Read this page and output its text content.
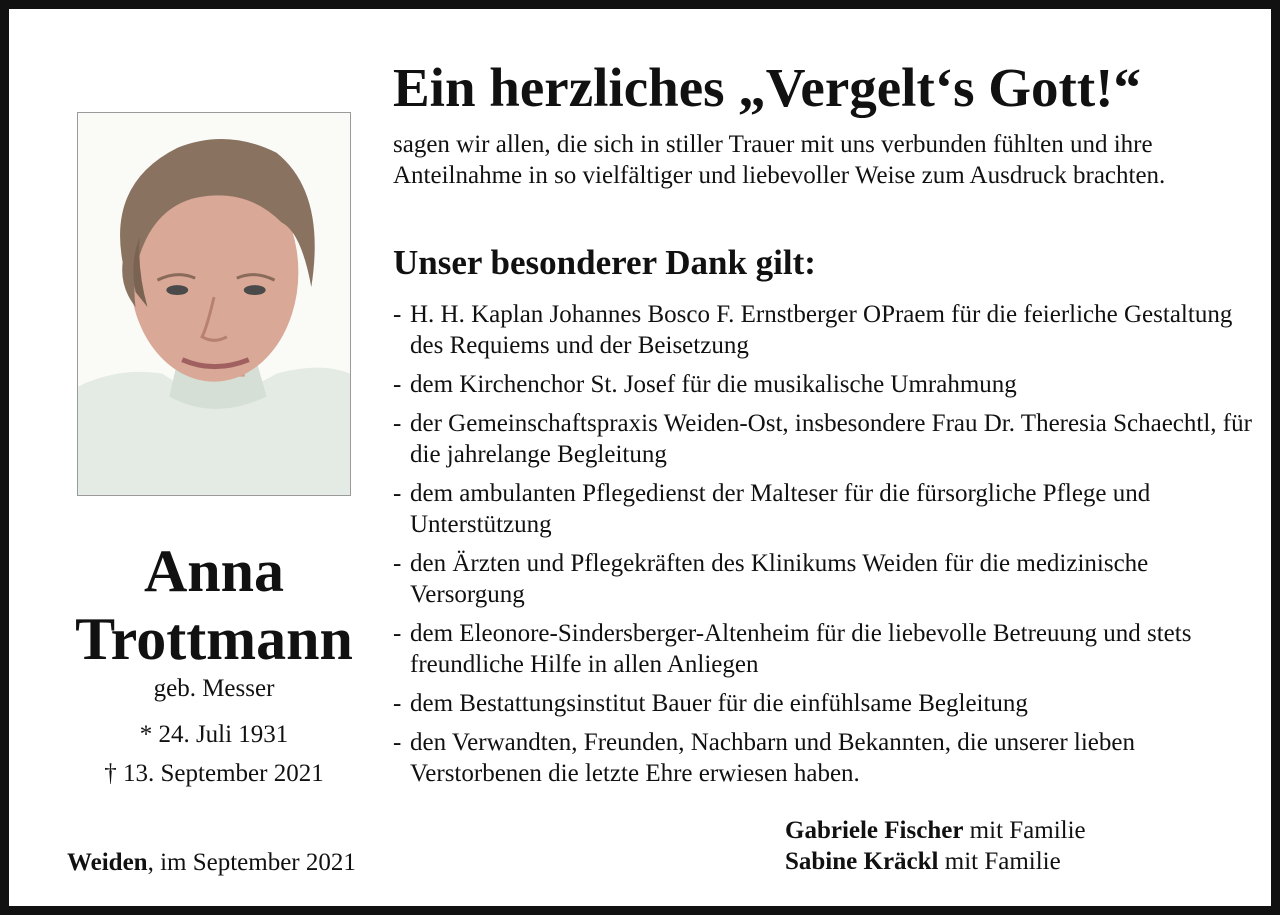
Anna
Trottmann
geb. Messer
* 24. Juli 1931
† 13. September 2021
Weiden, im September 2021
Ein herzliches „Vergelt‘s Gott!“
sagen wir allen, die sich in stiller Trauer mit uns verbunden fühlten und ihre Anteilnahme in so vielfältiger und liebevoller Weise zum Ausdruck brachten.
Unser besonderer Dank gilt:
- H. H. Kaplan Johannes Bosco F. Ernstberger OPraem für die feierliche Gestaltung des Requiems und der Beisetzung
- dem Kirchenchor St. Josef für die musikalische Umrahmung
- der Gemeinschaftspraxis Weiden-Ost, insbesondere Frau Dr. Theresia Schaechtl, für die jahrelange Begleitung
- dem ambulanten Pflegedienst der Malteser für die fürsorgliche Pflege und Unterstützung
- den Ärzten und Pflegekräften des Klinikums Weiden für die medizinische Versorgung
- dem Eleonore-Sindersberger-Altenheim für die liebevolle Betreuung und stets freundliche Hilfe in allen Anliegen
- dem Bestattungsinstitut Bauer für die einfühlsame Begleitung
- den Verwandten, Freunden, Nachbarn und Bekannten, die unserer lieben Verstorbenen die letzte Ehre erwiesen haben.
Gabriele Fischer mit Familie
Sabine Kräckl mit Familie
